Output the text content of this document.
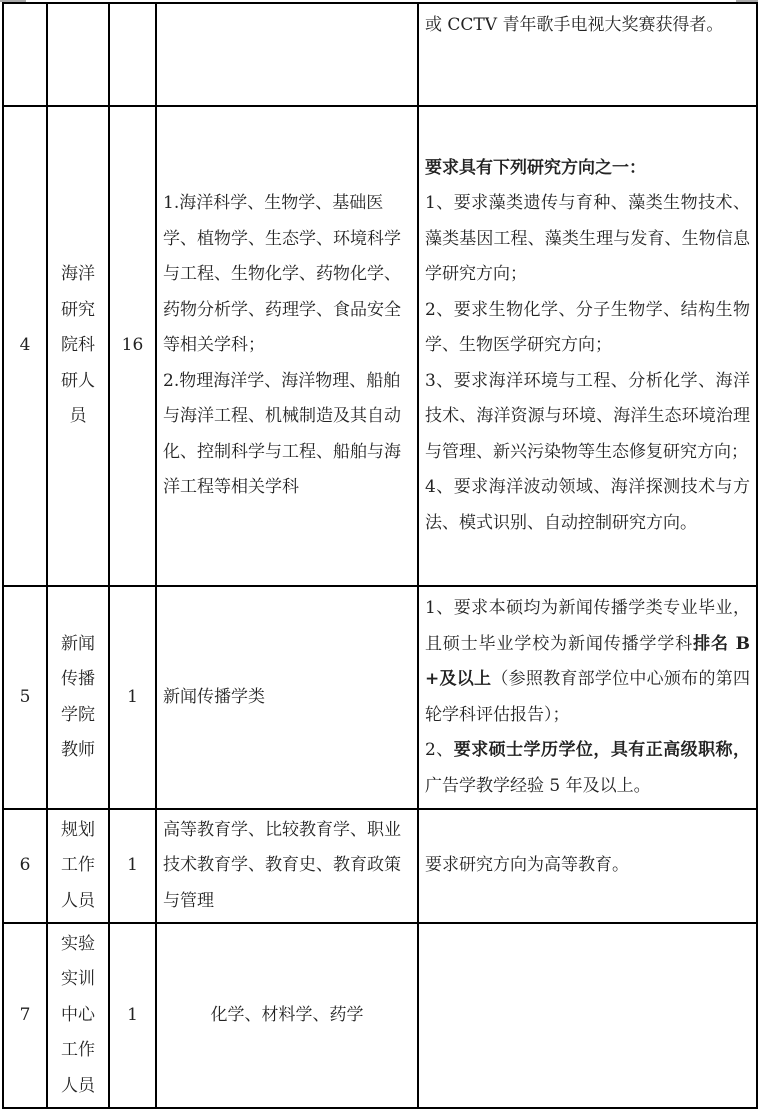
				或 CCTV 青年歌手电视大奖赛获得者。
4	海洋
研究
院科
研人
员	16	1.海洋科学、生物学、基础医学、植物学、生态学、环境科学与工程、生物化学、药物化学、药物分析学、药理学、食品安全等相关学科；
2.物理海洋学、海洋物理、船舶与海洋工程、机械制造及其自动化、控制科学与工程、船舶与海洋工程等相关学科	要求具有下列研究方向之一：
1、要求藻类遗传与育种、藻类生物技术、藻类基因工程、藻类生理与发育、生物信息学研究方向；
2、要求生物化学、分子生物学、结构生物学、生物医学研究方向；
3、要求海洋环境与工程、分析化学、海洋技术、海洋资源与环境、海洋生态环境治理与管理、新兴污染物等生态修复研究方向；
4、要求海洋波动领域、海洋探测技术与方法、模式识别、自动控制研究方向。

5	新闻
传播
学院
教师	1	新闻传播学类	1、要求本硕均为新闻传播学类专业毕业，且硕士毕业学校为新闻传播学学科排名 B+及以上（参照教育部学位中心颁布的第四轮学科评估报告）；
2、要求硕士学历学位，具有正高级职称，广告学教学经验 5 年及以上。
6	规划
工作
人员	1	高等教育学、比较教育学、职业技术教育学、教育史、教育政策与管理	要求研究方向为高等教育。
7	实验
实训
中心
工作
人员	1	化学、材料学、药学	
